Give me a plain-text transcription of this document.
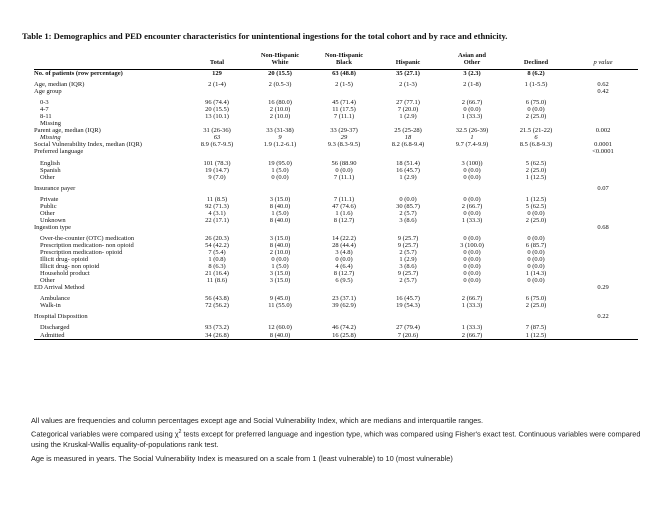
Table 1: Demographics and PED encounter characteristics for unintentional ingestions for the total cohort and by race and ethnicity.
	Total	Non-Hispanic White	Non-Hispanic Black	Hispanic	Asian and Other	Declined	p value
No. of patients (row percentage)	129	20 (15.5)	63 (48.8)	35 (27.1)	3 (2.3)	8 (6.2)	
Age, median (IQR)	2 (1-4)	2 (0.5-3)	2 (1-5)	2 (1-3)	2 (1-8)	1 (1-5.5)	0.62
Age group							0.42
0-3	96 (74.4)	16 (80.0)	45 (71.4)	27 (77.1)	2 (66.7)	6 (75.0)	
4-7	20 (15.5)	2 (10.0)	11 (17.5)	7 (20.0)	0 (0.0)	0 (0.0)	
8-11	13 (10.1)	2 (10.0)	7 (11.1)	1 (2.9)	1 (33.3)	2 (25.0)	
Missing							
Parent age, median (IQR)	31 (26-36)	33 (31-38)	33 (29-37)	25 (25-28)	32.5 (26-39)	21.5 (21-22)	0.002
Missing	63	9	29	18	1	6	
Social Vulnerability Index, median (IQR)	8.9 (6.7-9.5)	1.9 (1.2-6.1)	9.3 (8.3-9.5)	8.2 (6.8-9.4)	9.7 (7.4-9.9)	8.5 (6.8-9.3)	0.0001
Preferred language							<0.0001
English	101 (78.3)	19 (95.0)	56 (88.90	18 (51.4)	3 (100))	5 (62.5)	
Spanish	19 (14.7)	1 (5.0)	0 (0.0)	16 (45.7)	0 (0.0)	2 (25.0)	
Other	9 (7.0)	0 (0.0)	7 (11.1)	1 (2.9)	0 (0.0)	1 (12.5)	
Insurance payer							0.07
Private	11 (8.5)	3 (15.0)	7 (11.1)	0 (0.0)	0 (0.0)	1 (12.5)	
Public	92 (71.3)	8 (40.0)	47 (74.6)	30 (85.7)	2 (66.7)	5 (62.5)	
Other	4 (3.1)	1 (5.0)	1 (1.6)	2 (5.7)	0 (0.0)	0 (0.0)	
Unknown	22 (17.1)	8 (40.0)	8 (12.7)	3 (8.6)	1 (33.3)	2 (25.0)	
Ingestion type							0.68
Over-the-counter (OTC) medication	26 (20.3)	3 (15.0)	14 (22.2)	9 (25.7)	0 (0.0)	0 (0.0)	
Prescription medication- non opioid	54 (42.2)	8 (40.0)	28 (44.4)	9 (25.7)	3 (100.0)	6 (85.7)	
Prescription medication- opioid	7 (5.4)	2 (10.0)	3 (4.8)	2 (5.7)	0 (0.0)	0 (0.0)	
Illicit drug- opioid	1 (0.8)	0 (0.0)	0 (0.0)	1 (2.9)	0 (0.0)	0 (0.0)	
Illicit drug- non opioid	8 (6.3)	1 (5.0)	4 (6.4)	3 (8.6)	0 (0.0)	0 (0.0)	
Household product	21 (16.4)	3 (15.0)	8 (12.7)	9 (25.7)	0 (0.0)	1 (14.3)	
Other	11 (8.6)	3 (15.0)	6 (9.5)	2 (5.7)	0 (0.0)	0 (0.0)	
ED Arrival Method							0.29
Ambulance	56 (43.8)	9 (45.0)	23 (37.1)	16 (45.7)	2 (66.7)	6 (75.0)	
Walk-in	72 (56.2)	11 (55.0)	39 (62.9)	19 (54.3)	1 (33.3)	2 (25.0)	
Hospital Disposition							0.22
Discharged	93 (73.2)	12 (60.0)	46 (74.2)	27 (79.4)	1 (33.3)	7 (87.5)	
Admitted	34 (26.8)	8 (40.0)	16 (25.8)	7 (20.6)	2 (66.7)	1 (12.5)	

All values are frequencies and column percentages except age and Social Vulnerability Index, which are medians and interquartile ranges.

Categorical variables were compared using $\chi^2$ tests except for preferred language and ingestion type, which was compared using Fisher's exact test. Continuous variables were compared using the Kruskal-Wallis equality-of-populations rank test.

Age is measured in years. The Social Vulnerability Index is measured on a scale from 1 (least vulnerable) to 10 (most vulnerable)
